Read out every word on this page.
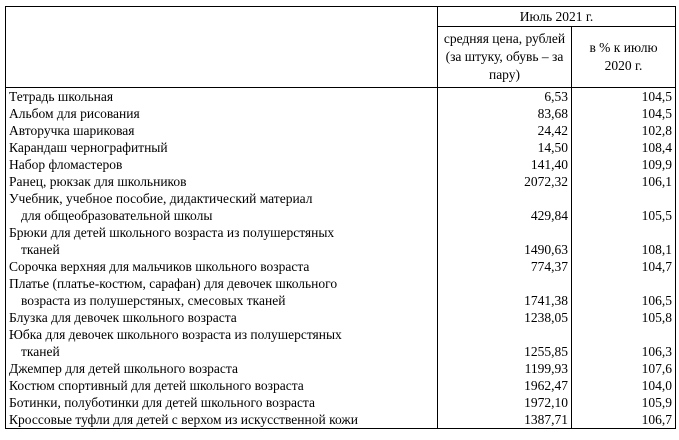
	Июль 2021 г.	
	средняя цена, рублей (за штуку, обувь – за пару)	в % к июлю 2020 г.

Тетрадь школьная	6,53	104,5

Альбом для рисования	83,68	104,5

Авторучка шариковая	24,42	102,8

Карандаш чернографитный	14,50	108,4

Набор фломастеров	141,40	109,9

Ранец, рюкзак для школьников	2072,32	106,1

Учебник, учебное пособие, дидактический материал
для общеобразовательной школы	429,84	105,5

Брюки для детей школьного возраста из полушерстяных
тканей	1490,63	108,1

Сорочка верхняя для мальчиков школьного возраста	774,37	104,7

Платье (платье-костюм, сарафан) для девочек школьного
возраста из полушерстяных, смесовых тканей	1741,38	106,5

Блузка для девочек школьного возраста	1238,05	105,8

Юбка для девочек школьного возраста из полушерстяных
тканей	1255,85	106,3

Джемпер для детей школьного возраста	1199,93	107,6

Костюм спортивный для детей школьного возраста	1962,47	104,0

Ботинки, полуботинки для детей школьного возраста	1972,10	105,9

Кроссовые туфли для детей с верхом из искусственной кожи	1387,71	106,7
